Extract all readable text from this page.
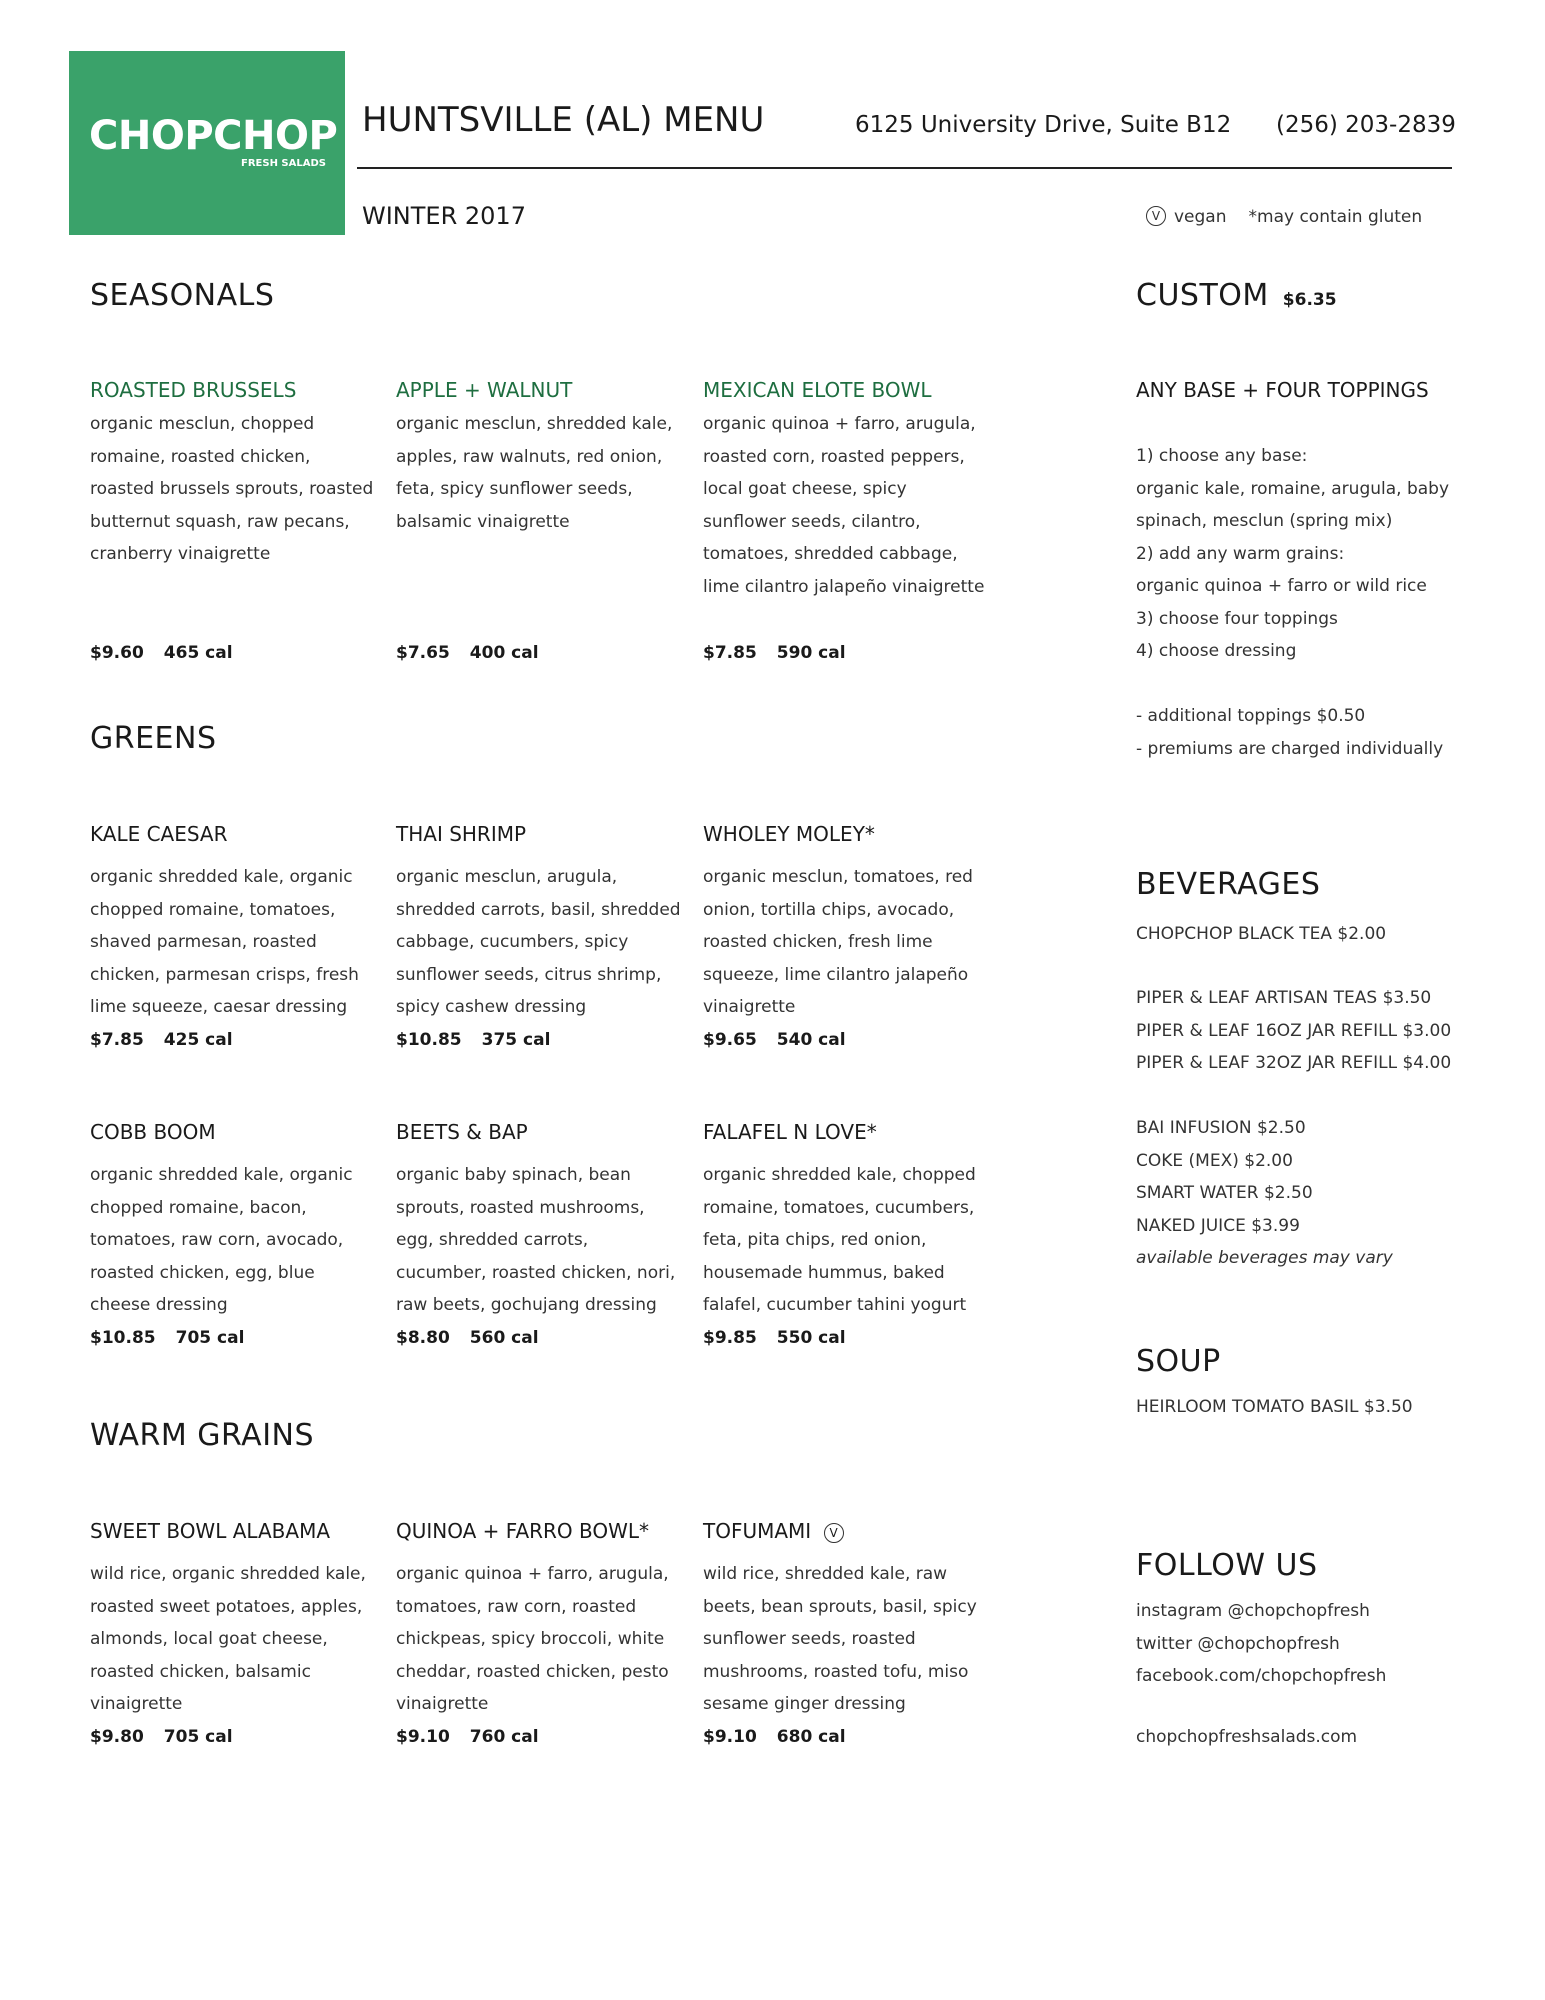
CHOPCHOP
FRESH SALADS
HUNTSVILLE (AL) MENU	6125 University Drive, Suite B12 (256) 203-2839
WINTER 2017	V vegan *may contain gluten
SEASONALS
ROASTED BRUSSELS
organic mesclun, chopped romaine, roasted chicken, roasted brussels sprouts, roasted butternut squash, raw pecans, cranberry vinaigrette
$9.60 465 cal
APPLE + WALNUT
organic mesclun, shredded kale, apples, raw walnuts, red onion, feta, spicy sunflower seeds, balsamic vinaigrette
$7.65 400 cal
MEXICAN ELOTE BOWL
organic quinoa + farro, arugula, roasted corn, roasted peppers, local goat cheese, spicy sunflower seeds, cilantro, tomatoes, shredded cabbage, lime cilantro jalapeño vinaigrette
$7.85 590 cal
GREENS
KALE CAESAR
organic shredded kale, organic chopped romaine, tomatoes, shaved parmesan, roasted chicken, parmesan crisps, fresh lime squeeze, caesar dressing
$7.85 425 cal
THAI SHRIMP
organic mesclun, arugula, shredded carrots, basil, shredded cabbage, cucumbers, spicy sunflower seeds, citrus shrimp, spicy cashew dressing
$10.85 375 cal
WHOLEY MOLEY*
organic mesclun, tomatoes, red onion, tortilla chips, avocado, roasted chicken, fresh lime squeeze, lime cilantro jalapeño vinaigrette
$9.65 540 cal
COBB BOOM
organic shredded kale, organic chopped romaine, bacon, tomatoes, raw corn, avocado, roasted chicken, egg, blue cheese dressing
$10.85 705 cal
BEETS & BAP
organic baby spinach, bean sprouts, roasted mushrooms, egg, shredded carrots, cucumber, roasted chicken, nori, raw beets, gochujang dressing
$8.80 560 cal
FALAFEL N LOVE*
organic shredded kale, chopped romaine, tomatoes, cucumbers, feta, pita chips, red onion, housemade hummus, baked falafel, cucumber tahini yogurt
$9.85 550 cal
WARM GRAINS
SWEET BOWL ALABAMA
wild rice, organic shredded kale, roasted sweet potatoes, apples, almonds, local goat cheese, roasted chicken, balsamic vinaigrette
$9.80 705 cal
QUINOA + FARRO BOWL*
organic quinoa + farro, arugula, tomatoes, raw corn, roasted chickpeas, spicy broccoli, white cheddar, roasted chicken, pesto vinaigrette
$9.10 760 cal
TOFUMAMI V
wild rice, shredded kale, raw beets, bean sprouts, basil, spicy sunflower seeds, roasted mushrooms, roasted tofu, miso sesame ginger dressing
$9.10 680 cal
CUSTOM $6.35
ANY BASE + FOUR TOPPINGS
1) choose any base:
organic kale, romaine, arugula, baby
spinach, mesclun (spring mix)
2) add any warm grains:
organic quinoa + farro or wild rice
3) choose four toppings
4) choose dressing
- additional toppings $0.50
- premiums are charged individually
BEVERAGES
CHOPCHOP BLACK TEA $2.00
PIPER & LEAF ARTISAN TEAS $3.50
PIPER & LEAF 16OZ JAR REFILL $3.00
PIPER & LEAF 32OZ JAR REFILL $4.00
BAI INFUSION $2.50
COKE (MEX) $2.00
SMART WATER $2.50
NAKED JUICE $3.99
available beverages may vary
SOUP
HEIRLOOM TOMATO BASIL $3.50
FOLLOW US
instagram @chopchopfresh
twitter @chopchopfresh
facebook.com/chopchopfresh
chopchopfreshsalads.com
